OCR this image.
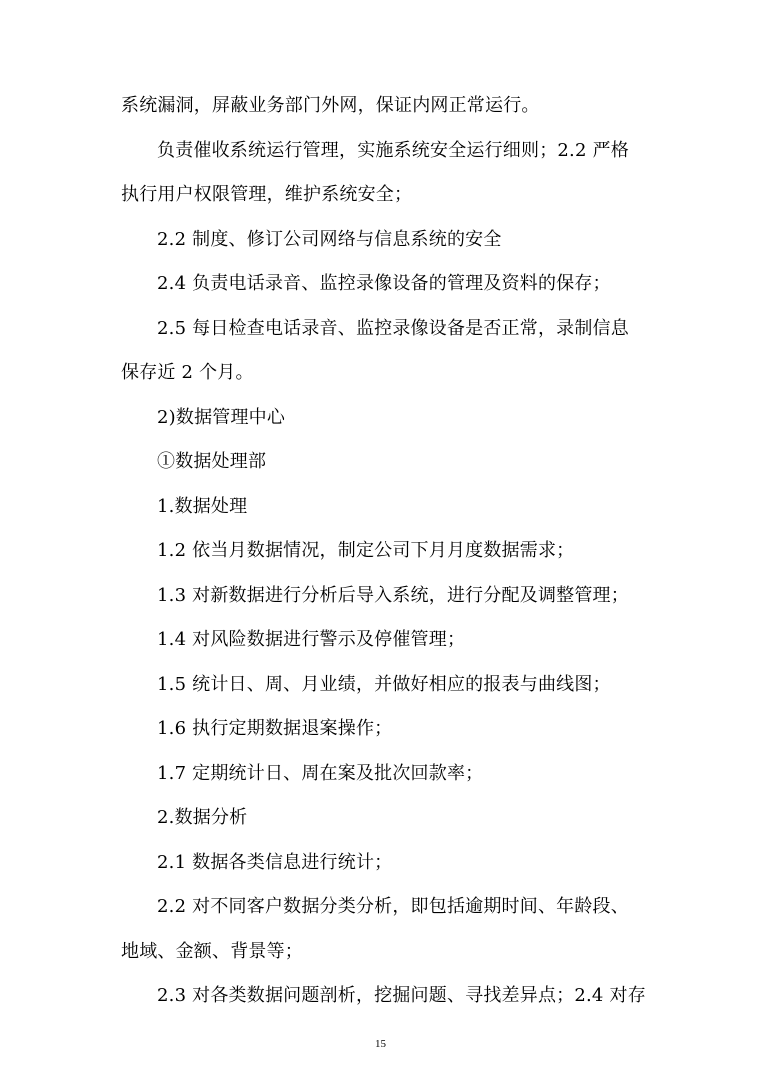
系统漏洞，屏蔽业务部门外网，保证内网正常运行。

负责催收系统运行管理，实施系统安全运行细则；2.2 严格

执行用户权限管理，维护系统安全；

2.2 制度、修订公司网络与信息系统的安全

2.4 负责电话录音、监控录像设备的管理及资料的保存；

2.5 每日检查电话录音、监控录像设备是否正常，录制信息

保存近 2 个月。

2)数据管理中心

➀数据处理部

1.数据处理

1.2 依当月数据情况，制定公司下月月度数据需求；

1.3 对新数据进行分析后导入系统，进行分配及调整管理；

1.4 对风险数据进行警示及停催管理；

1.5 统计日、周、月业绩，并做好相应的报表与曲线图；

1.6 执行定期数据退案操作；

1.7 定期统计日、周在案及批次回款率；

2.数据分析

2.1 数据各类信息进行统计；

2.2 对不同客户数据分类分析，即包括逾期时间、年龄段、

地域、金额、背景等；

2.3 对各类数据问题剖析，挖掘问题、寻找差异点；2.4 对存

15
